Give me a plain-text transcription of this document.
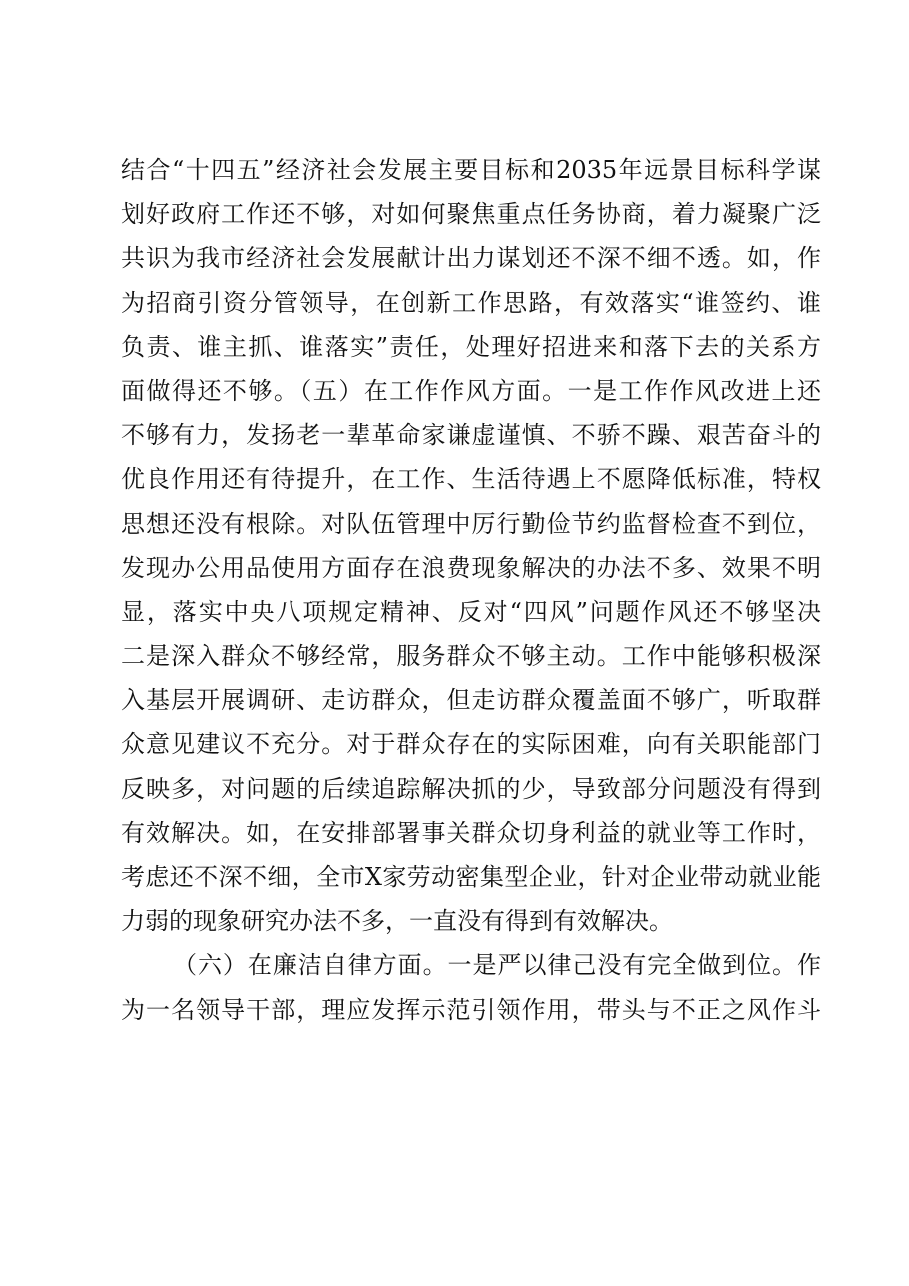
结合“十四五”经济社会发展主要目标和2035年远景目标科学谋
划好政府工作还不够，对如何聚焦重点任务协商，着力凝聚广泛
共识为我市经济社会发展献计出力谋划还不深不细不透。如，作
为招商引资分管领导，在创新工作思路，有效落实“谁签约、谁
负责、谁主抓、谁落实”责任，处理好招进来和落下去的关系方
面做得还不够。（五）在工作作风方面。一是工作作风改进上还
不够有力，发扬老一辈革命家谦虚谨慎、不骄不躁、艰苦奋斗的
优良作用还有待提升，在工作、生活待遇上不愿降低标准，特权
思想还没有根除。对队伍管理中厉行勤俭节约监督检查不到位，
发现办公用品使用方面存在浪费现象解决的办法不多、效果不明
显，落实中央八项规定精神、反对“四风”问题作风还不够坚决
二是深入群众不够经常，服务群众不够主动。工作中能够积极深
入基层开展调研、走访群众，但走访群众覆盖面不够广，听取群
众意见建议不充分。对于群众存在的实际困难，向有关职能部门
反映多，对问题的后续追踪解决抓的少，导致部分问题没有得到
有效解决。如，在安排部署事关群众切身利益的就业等工作时，
考虑还不深不细，全市X家劳动密集型企业，针对企业带动就业能
力弱的现象研究办法不多，一直没有得到有效解决。
（六）在廉洁自律方面。一是严以律己没有完全做到位。作
为一名领导干部，理应发挥示范引领作用，带头与不正之风作斗
